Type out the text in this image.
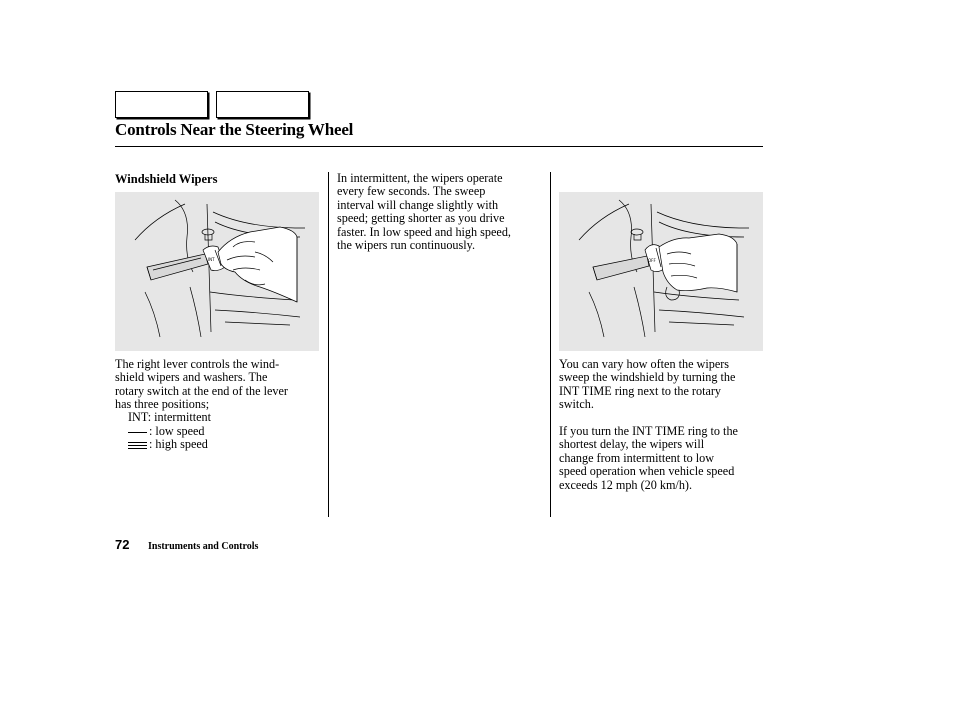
Controls Near the Steering Wheel
Windshield Wipers
INT	OFF
The right lever controls the wind-
shield wipers and washers. The
rotary switch at the end of the lever
has three positions;
INT: intermittent
: low speed
: high speed
In intermittent, the wipers operate
every few seconds. The sweep
interval will change slightly with
speed; getting shorter as you drive
faster. In low speed and high speed,
the wipers run continuously.
You can vary how often the wipers
sweep the windshield by turning the
INT TIME ring next to the rotary
switch.
If you turn the INT TIME ring to the
shortest delay, the wipers will
change from intermittent to low
speed operation when vehicle speed
exceeds 12 mph (20 km/h).
72 Instruments and Controls
